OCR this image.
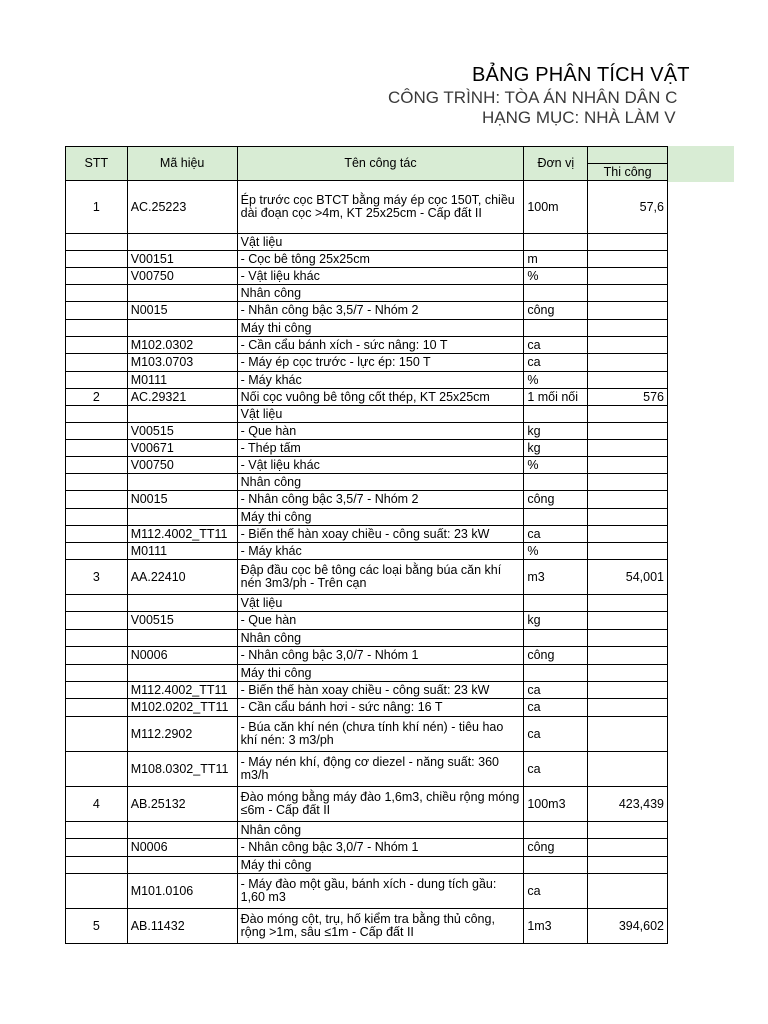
BẢNG PHÂN TÍCH VẬT
CÔNG TRÌNH: TÒA ÁN NHÂN DÂN C
HẠNG MỤC: NHÀ LÀM V
STT	Mã hiệu	Tên công tác	Đơn vị	
				Thi công
1	AC.25223	Ép trước cọc BTCT bằng máy ép cọc 150T, chiều dài đoạn cọc >4m, KT 25x25cm - Cấp đất II	100m	57,6
		Vật liệu		
	V00151	- Cọc bê tông 25x25cm	m	
	V00750	- Vật liệu khác	%	
		Nhân công		
	N0015	- Nhân công bậc 3,5/7 - Nhóm 2	công	
		Máy thi công		
	M102.0302	- Cần cẩu bánh xích - sức nâng: 10 T	ca	
	M103.0703	- Máy ép cọc trước - lực ép: 150 T	ca	
	M0111	- Máy khác	%	
2	AC.29321	Nối cọc vuông bê tông cốt thép, KT 25x25cm	1 mối nối	576
		Vật liệu		
	V00515	- Que hàn	kg	
	V00671	- Thép tấm	kg	
	V00750	- Vật liệu khác	%	
		Nhân công		
	N0015	- Nhân công bậc 3,5/7 - Nhóm 2	công	
		Máy thi công		
	M112.4002_TT11	- Biến thế hàn xoay chiều - công suất: 23 kW	ca	
	M0111	- Máy khác	%	
3	AA.22410	Đập đầu cọc bê tông các loại bằng búa căn khí nén 3m3/ph - Trên cạn	m3	54,001
		Vật liệu		
	V00515	- Que hàn	kg	
		Nhân công		
	N0006	- Nhân công bậc 3,0/7 - Nhóm 1	công	
		Máy thi công		
	M112.4002_TT11	- Biến thế hàn xoay chiều - công suất: 23 kW	ca	
	M102.0202_TT11	- Cần cẩu bánh hơi - sức nâng: 16 T	ca	
	M112.2902	- Búa căn khí nén (chưa tính khí nén) - tiêu hao khí nén: 3 m3/ph	ca	
	M108.0302_TT11	- Máy nén khí, động cơ diezel - năng suất: 360 m3/h	ca	
4	AB.25132	Đào móng bằng máy đào 1,6m3, chiều rộng móng ≤6m - Cấp đất II	100m3	423,439
		Nhân công		
	N0006	- Nhân công bậc 3,0/7 - Nhóm 1	công	
		Máy thi công		
	M101.0106	- Máy đào một gầu, bánh xích - dung tích gầu: 1,60 m3	ca	
5	AB.11432	Đào móng cột, trụ, hố kiểm tra bằng thủ công, rộng >1m, sâu ≤1m - Cấp đất II	1m3	394,602
